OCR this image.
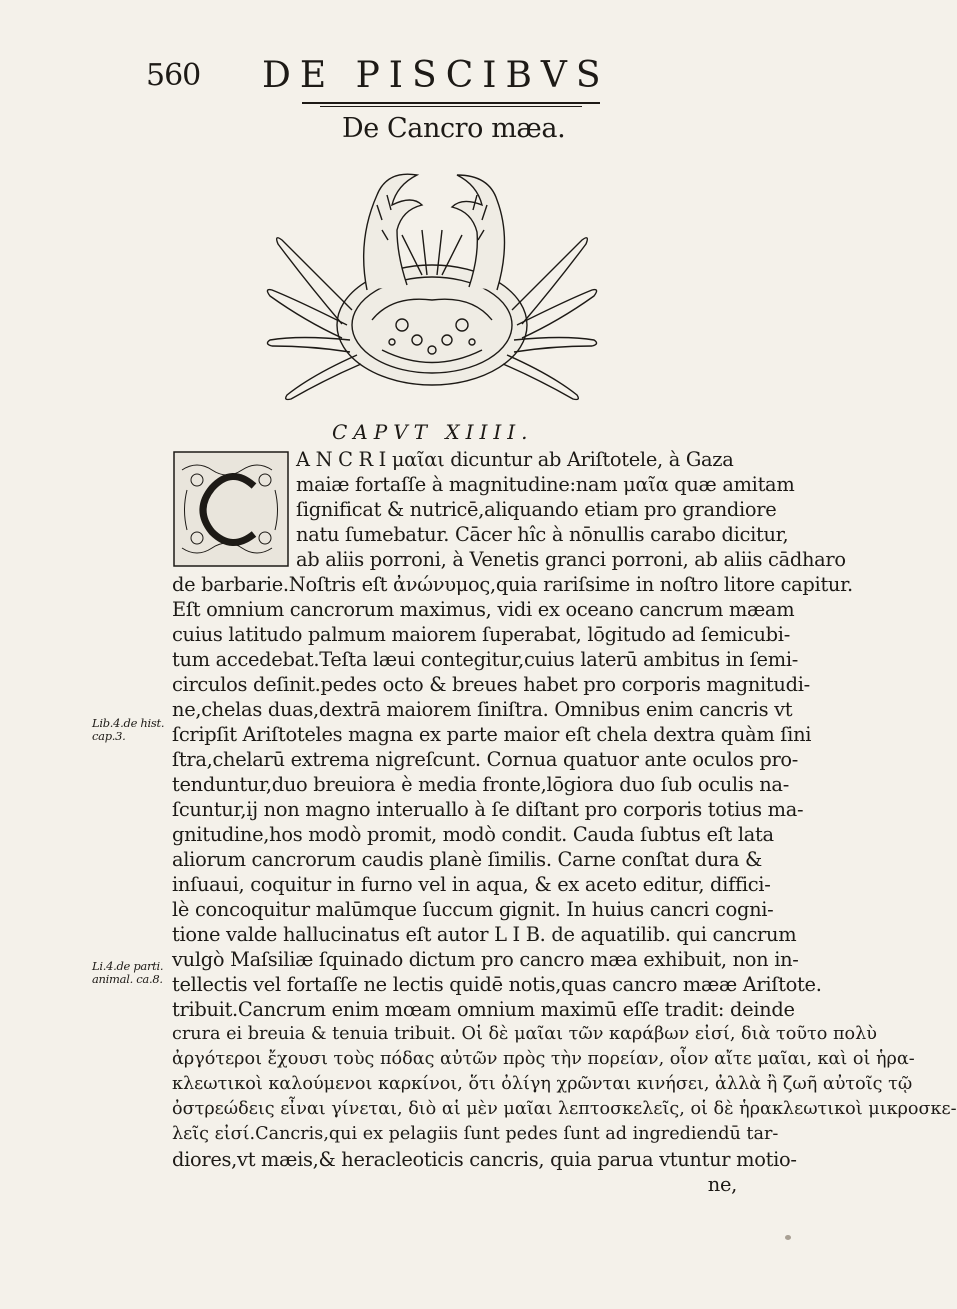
560 DE PISCIBVS
De Cancro mæa.
CAPVT XIIII.
Lib.4.de hist. cap.3.
Li.4.de parti. animal. ca.8.
A N C R I μαῖαι dicuntur ab Ariſtotele, à Gaza
maiæ fortaſſe à magnitudine:nam μαῖα quæ amitam
ſignificat & nutricē,aliquando etiam pro grandiore
natu ſumebatur. Cācer hîc à nōnullis carabo dicitur,
ab aliis porroni, à Venetis granci porroni, ab aliis cādharo
de barbarie.Noſtris eſt ἀνώνυμος,quia rariſsime in noſtro litore capitur.
Eſt omnium cancrorum maximus, vidi ex oceano cancrum mæam
cuius latitudo palmum maiorem ſuperabat, lōgitudo ad ſemicubi-
tum accedebat.Teſta læui contegitur,cuius laterū ambitus in ſemi-
circulos deſinit.pedes octo & breues habet pro corporis magnitudi-
ne,chelas duas,dextrā maiorem ſiniſtra. Omnibus enim cancris vt
ſcripſit Ariſtoteles magna ex parte maior eſt chela dextra quàm ſini
ſtra,chelarū extrema nigreſcunt. Cornua quatuor ante oculos pro-
tenduntur,duo breuiora è media fronte,lōgiora duo ſub oculis na-
ſcuntur,ij non magno interuallo à ſe diſtant pro corporis totius ma-
gnitudine,hos modò promit, modò condit. Cauda ſubtus eſt lata
aliorum cancrorum caudis planè ſimilis. Carne conſtat dura &
inſuaui, coquitur in furno vel in aqua, & ex aceto editur, diffici-
lè concoquitur malūmque ſuccum gignit. In huius cancri cogni-
tione valde hallucinatus eſt autor L I B. de aquatilib. qui cancrum
vulgò Maſsiliæ ſquinado dictum pro cancro mæa exhibuit, non in-
tellectis vel fortaſſe ne lectis quidē notis,quas cancro mææ Ariſtote.
tribuit.Cancrum enim mœam omnium maximū eſſe tradit: deinde
crura ei breuia & tenuia tribuit. Οἱ δὲ μαῖαι τῶν καράβων εἰσί, διὰ τοῦτο πολὺ
ἀργότεροι ἔχουσι τοὺς πόδας αὐτῶν πρὸς τὴν πορείαν, οἷον αἴτε μαῖαι, καὶ οἱ ἡρα-
κλεωτικοὶ καλούμενοι καρκίνοι, ὅτι ὀλίγη χρῶνται κινήσει, ἀλλὰ ἢ ζωῆ αὐτοῖς τῷ
ὀστρεώδεις εἶναι γίνεται, διὸ αἱ μὲν μαῖαι λεπτοσκελεῖς, οἱ δὲ ἡρακλεωτικοὶ μικροσκε-
λεῖς εἰσί.Cancris,qui ex pelagiis ſunt pedes ſunt ad ingrediendū tar-
diores,vt mæis,& heracleoticis cancris, quia parua vtuntur motio-
ne,
